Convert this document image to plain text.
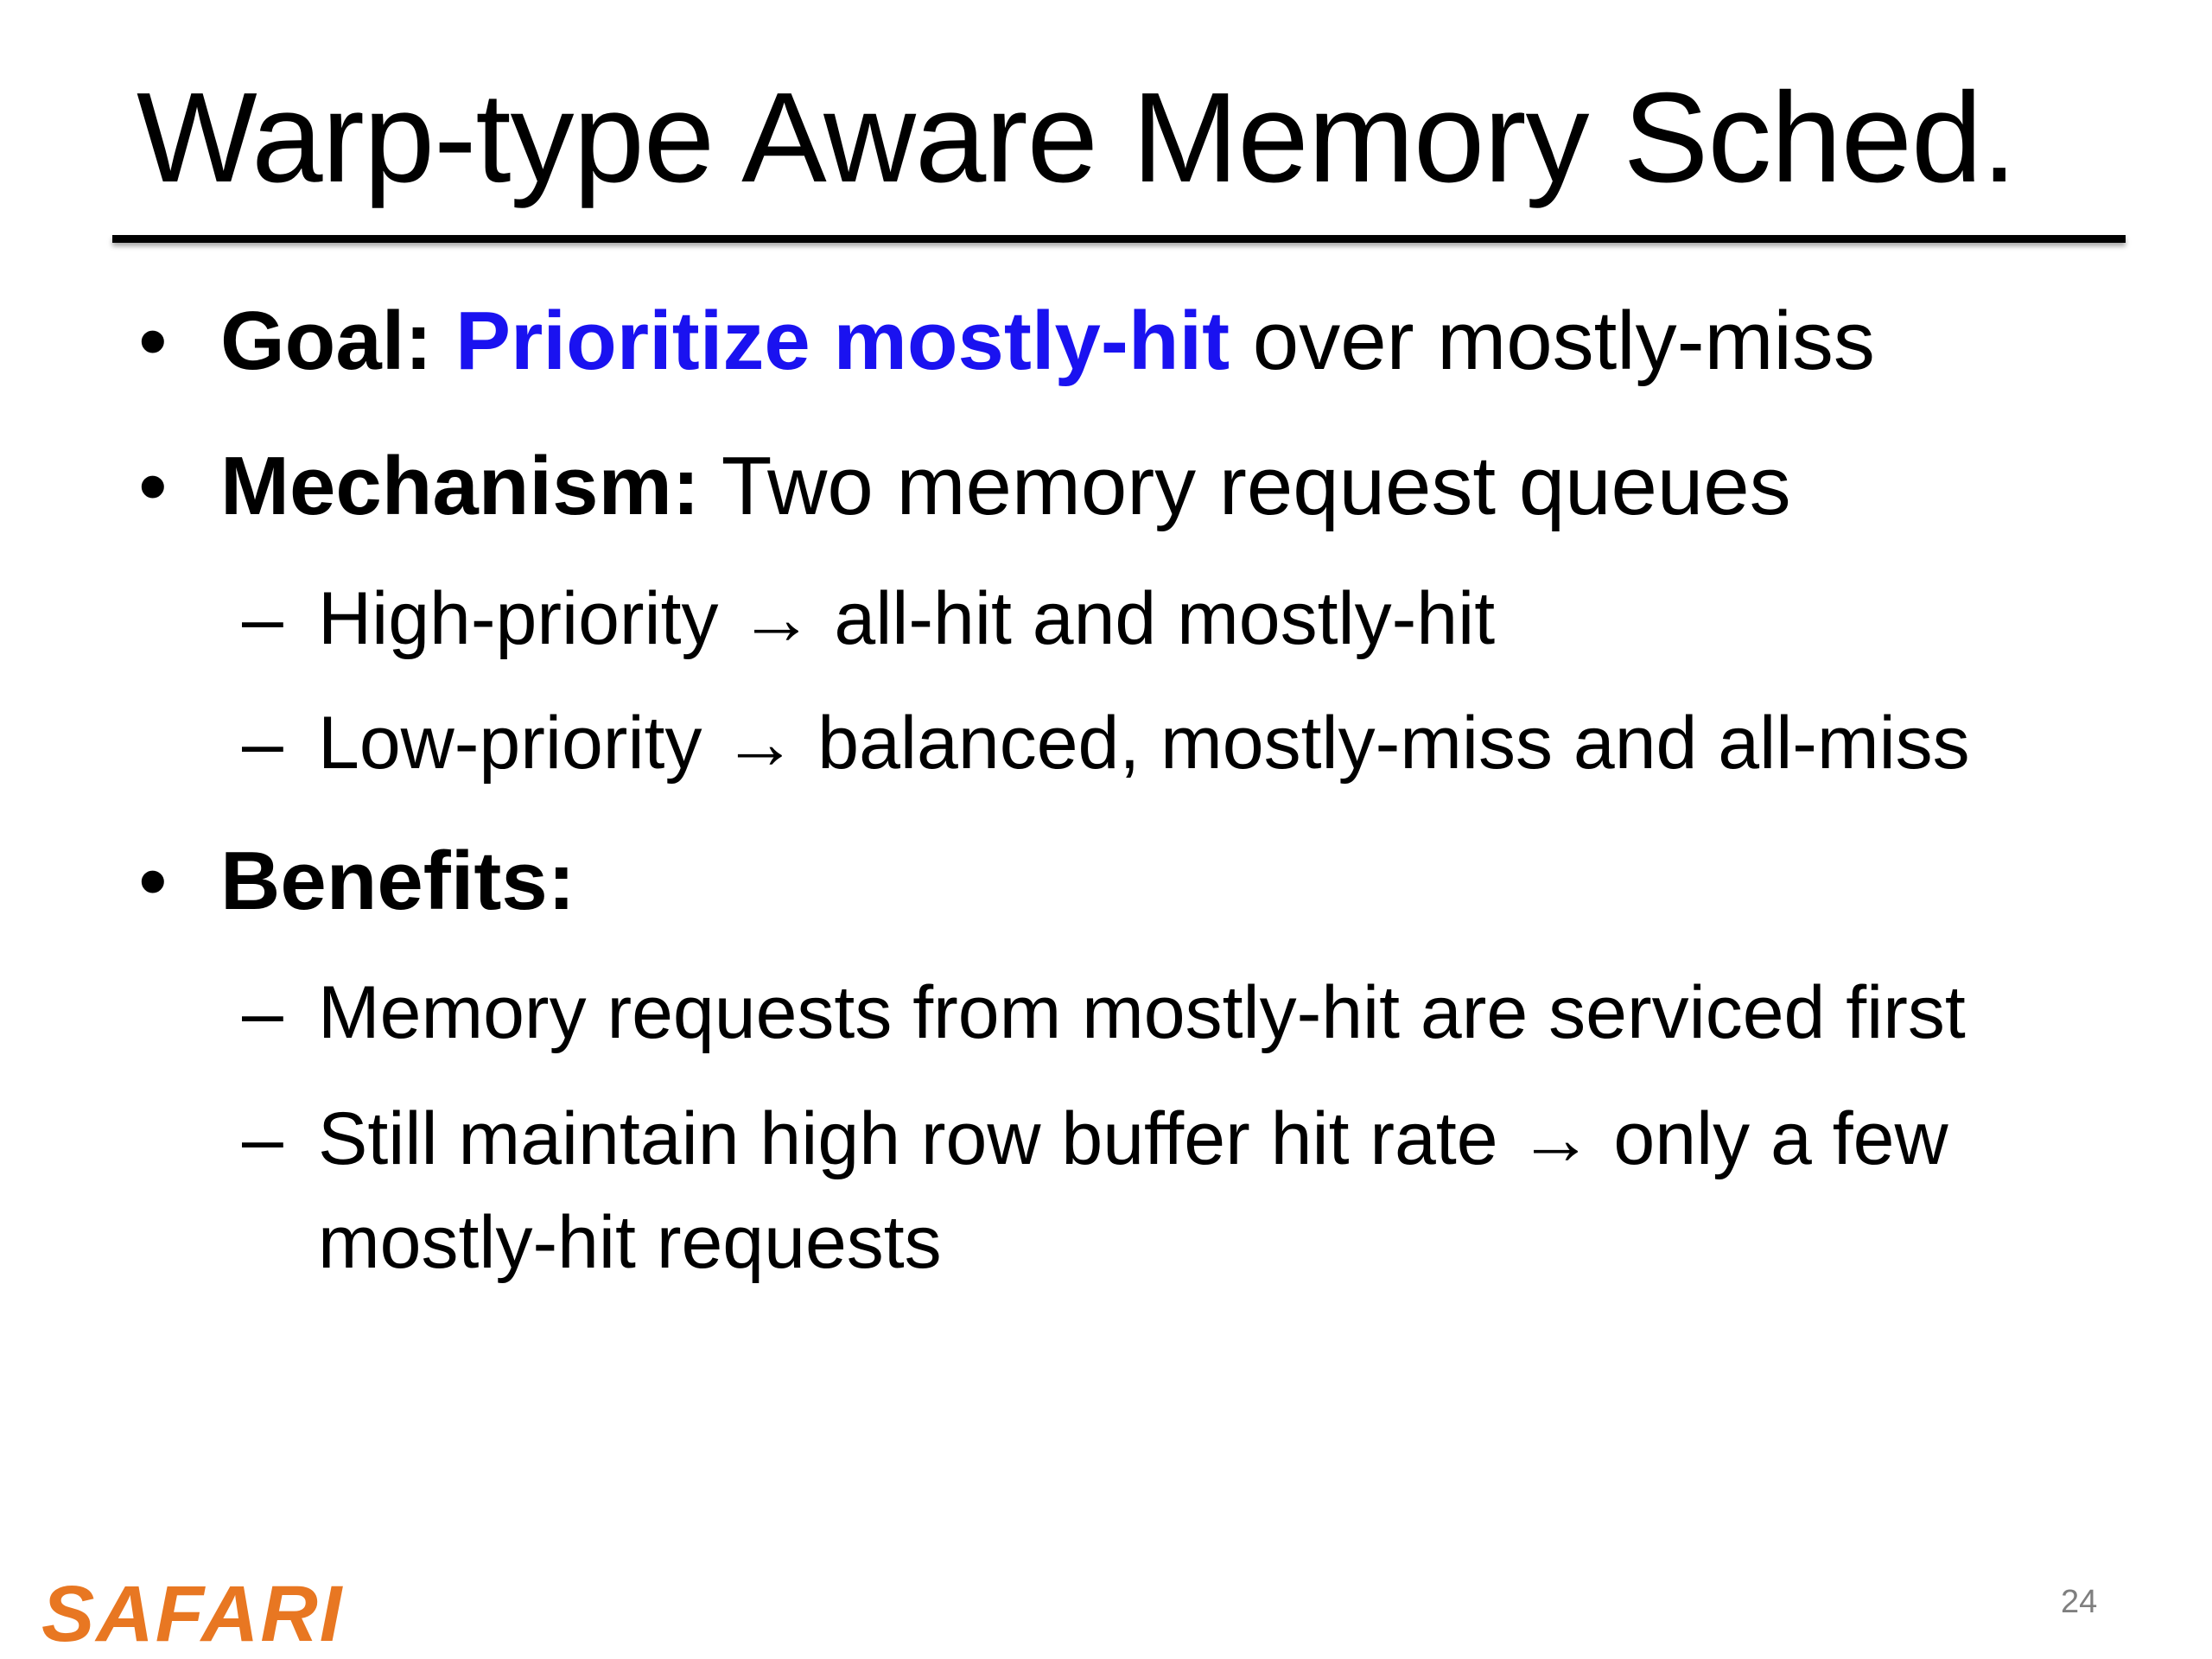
Warp-type Aware Memory Sched.
• Goal: Prioritize mostly-hit over mostly-miss
• Mechanism: Two memory request queues
– High-priority → all-hit and mostly-hit
– Low-priority → balanced, mostly-miss and all-miss
• Benefits:
– Memory requests from mostly-hit are serviced first
– Still maintain high row buffer hit rate → only a few
mostly-hit requests
SAFARI	24
